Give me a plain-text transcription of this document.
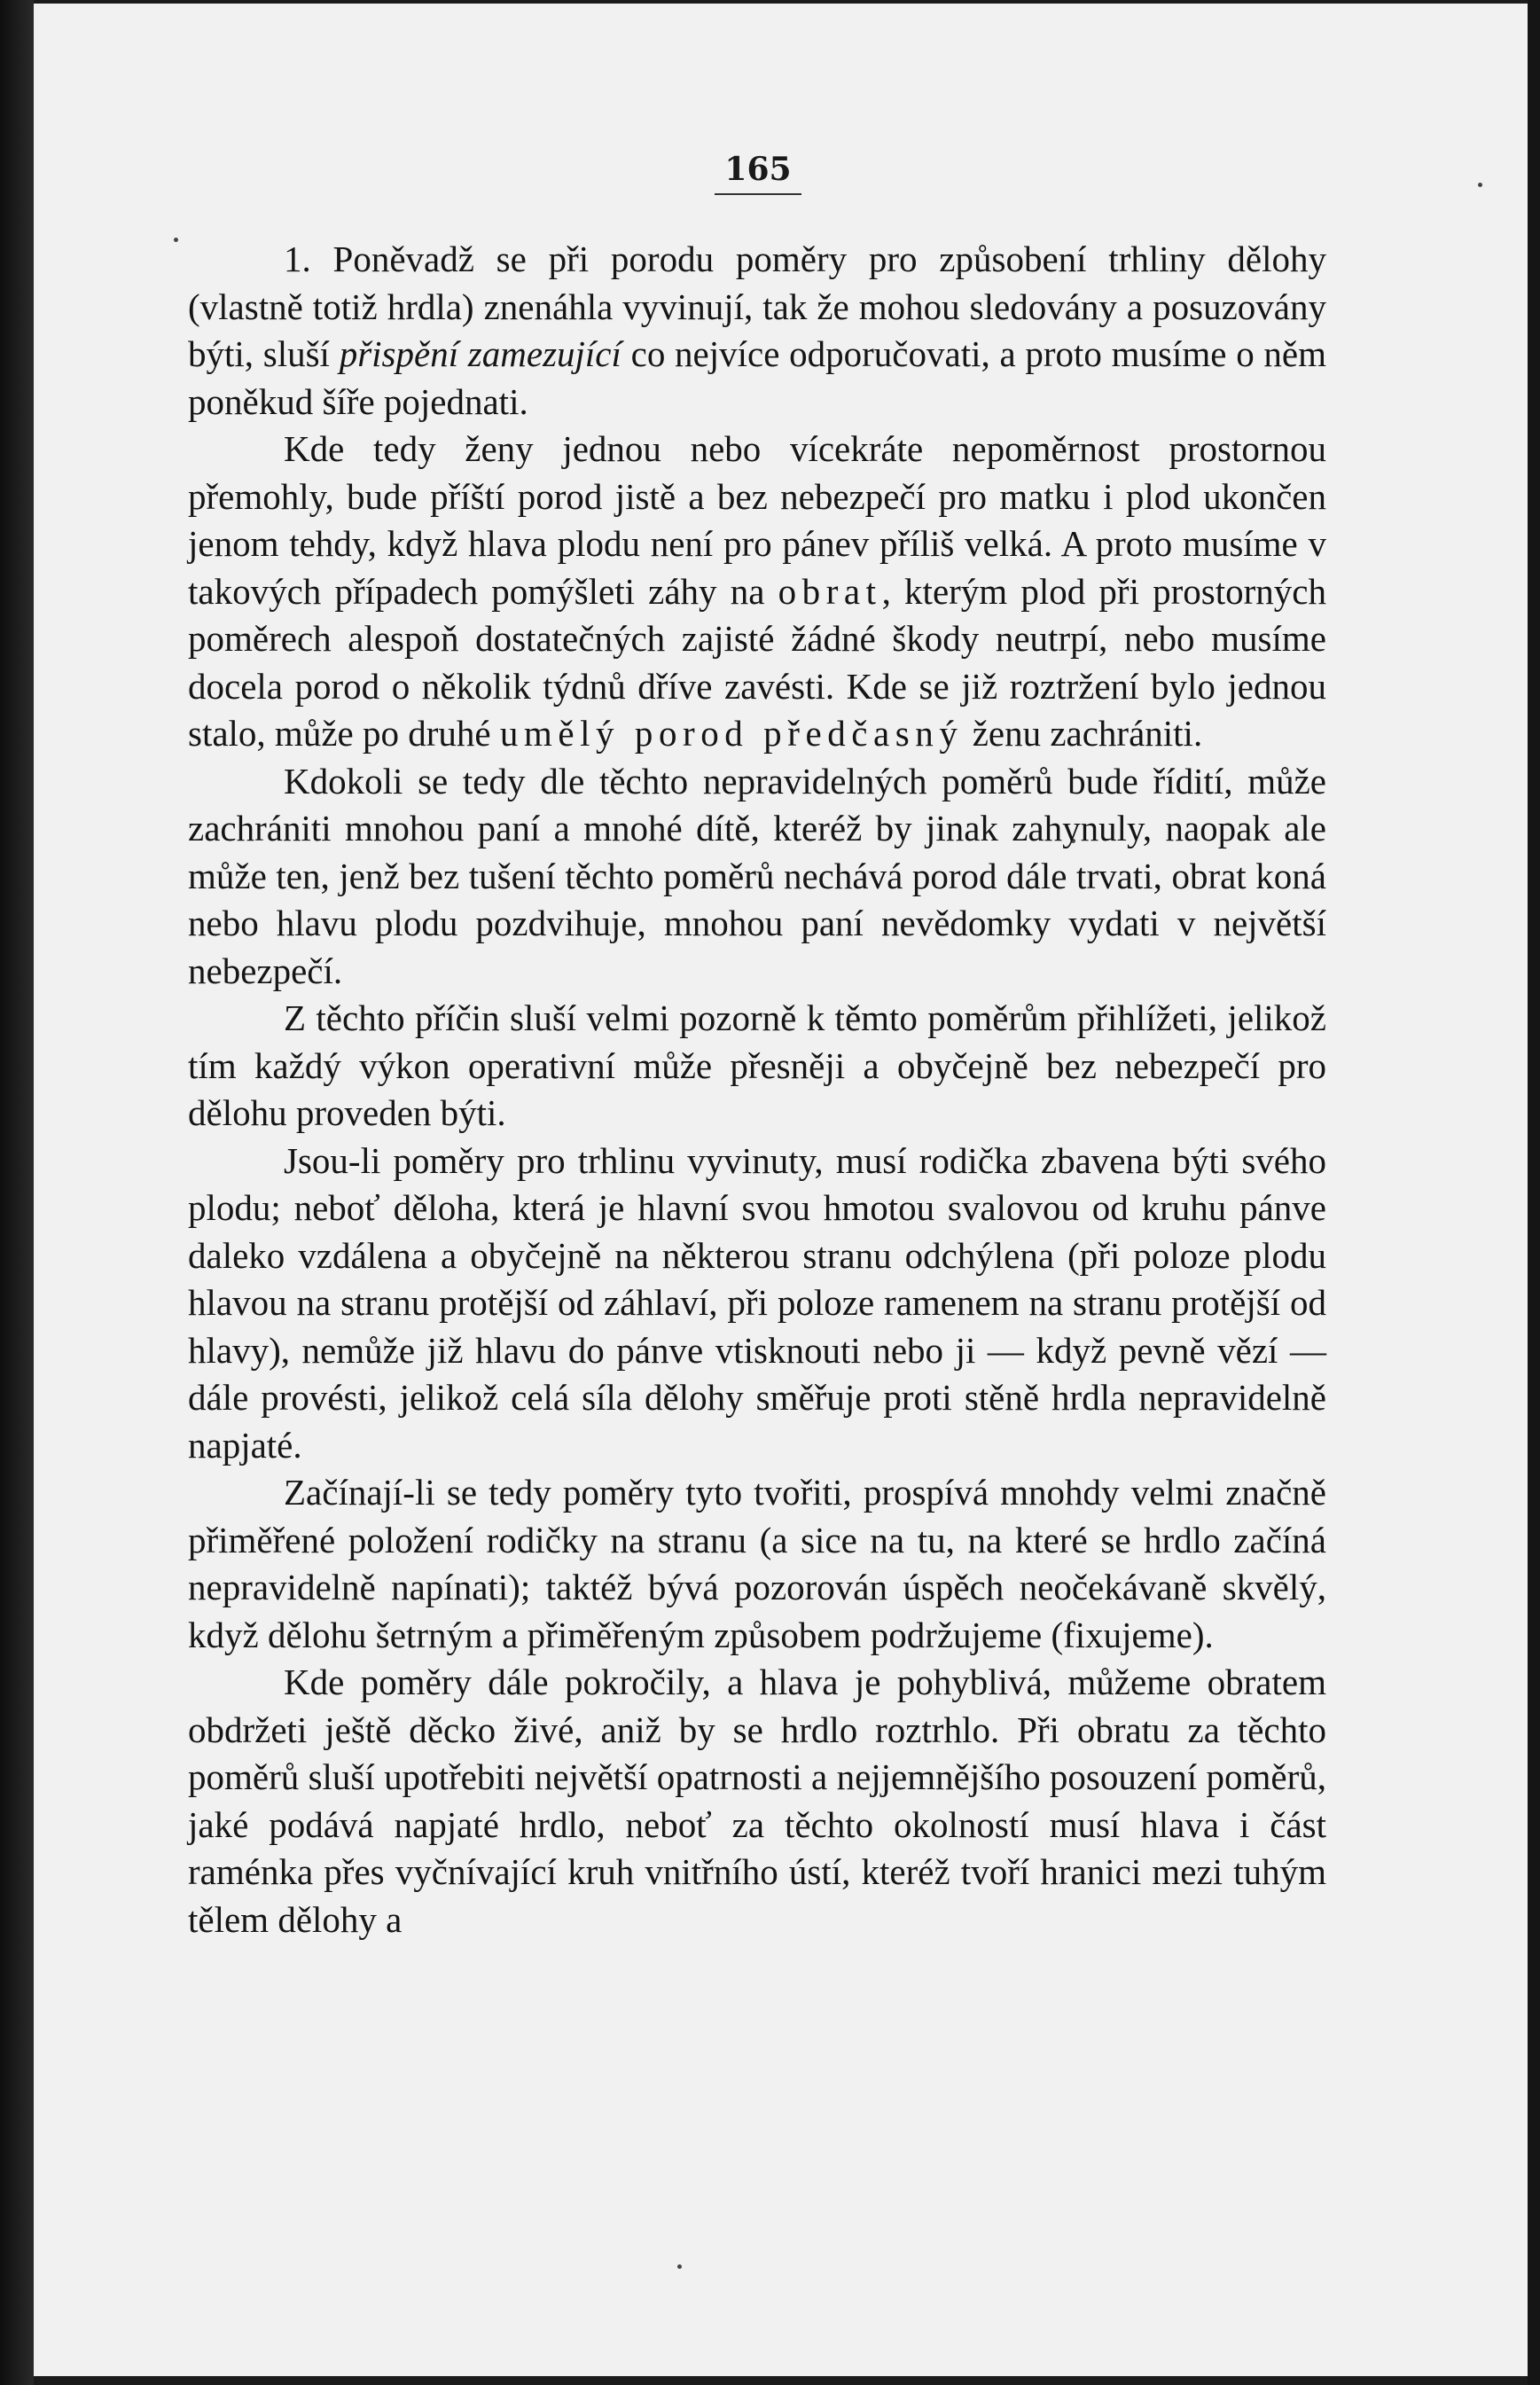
165

1. Poněvadž se při porodu poměry pro způsobení trhliny dělohy (vlastně totiž hrdla) znenáhla vyvinují, tak že mohou sledovány a posuzovány býti, sluší přispění zamezující co nejvíce odporučovati, a proto musíme o něm poněkud šíře pojednati.

Kde tedy ženy jednou nebo vícekráte nepoměrnost prostornou přemohly, bude příští porod jistě a bez nebezpečí pro matku i plod ukončen jenom tehdy, když hlava plodu není pro pánev příliš velká. A proto musíme v takových případech pomýšleti záhy na obrat, kterým plod při prostorných poměrech alespoň dostatečných zajisté žádné škody neutrpí, nebo musíme docela porod o několik týdnů dříve zavésti. Kde se již roztržení bylo jednou stalo, může po druhé umělý porod předčasný ženu zachrániti.

Kdokoli se tedy dle těchto nepravidelných poměrů bude řídití, může zachrániti mnohou paní a mnohé dítě, kteréž by jinak zahynuly, naopak ale může ten, jenž bez tušení těchto poměrů nechává porod dále trvati, obrat koná nebo hlavu plodu pozdvihuje, mnohou paní nevědomky vydati v největší nebezpečí.

Z těchto příčin sluší velmi pozorně k těmto poměrům přihlížeti, jelikož tím každý výkon operativní může přesněji a obyčejně bez nebezpečí pro dělohu proveden býti.

Jsou-li poměry pro trhlinu vyvinuty, musí rodička zbavena býti svého plodu; neboť děloha, která je hlavní svou hmotou svalovou od kruhu pánve daleko vzdálena a obyčejně na některou stranu odchýlena (při poloze plodu hlavou na stranu protější od záhlaví, při poloze ramenem na stranu protější od hlavy), nemůže již hlavu do pánve vtisknouti nebo ji — když pevně vězí — dále provésti, jelikož celá síla dělohy směřuje proti stěně hrdla nepravidelně napjaté.

Začínají-li se tedy poměry tyto tvořiti, prospívá mnohdy velmi značně přiměřené položení rodičky na stranu (a sice na tu, na které se hrdlo začíná nepravidelně napínati); taktéž bývá pozorován úspěch neočekávaně skvělý, když dělohu šetrným a přiměřeným způsobem podržujeme (fixujeme).

Kde poměry dále pokročily, a hlava je pohyblivá, můžeme obratem obdržeti ještě děcko živé, aniž by se hrdlo roztrhlo. Při obratu za těchto poměrů sluší upotřebiti největší opatrnosti a nejjemnějšího posouzení poměrů, jaké podává napjaté hrdlo, neboť za těchto okolností musí hlava i část raménka přes vyčnívající kruh vnitřního ústí, kteréž tvoří hranici mezi tuhým tělem dělohy a
